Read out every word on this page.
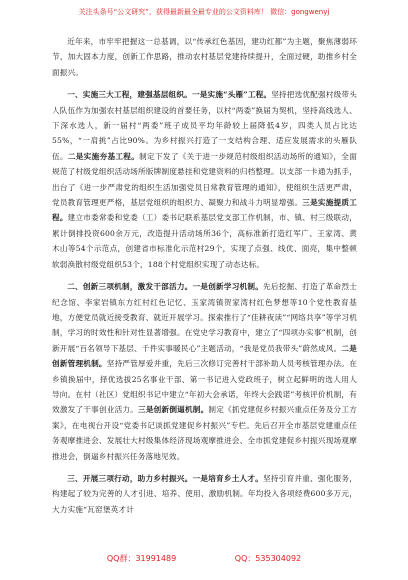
关注头条号“公文研究”，获得最新最全最专业的公文资料库！ 微信：gongwenyj

近年来，市牢牢把握这一总基调，以“传承红色基因，建功红都”为主题，聚焦薄弱环节，加大固本力度，创新工作思路，推动农村基层党建持续提升，全面过硬，助推乡村全面振兴。

一、实施三大工程，建强基层组织。一是实施“头雁”工程。坚持把选优配强村级带头人队伍作为加强农村基层组织建设的首要任务，以村“两委”换届为契机，坚持高线选人、下深水选人，新一届村“两委”班子成员平均年龄较上届降低4岁，四类人员占比达55%，“一肩挑”占比90%。为乡村振兴打造了一支结构合理、适应发展需求的头雁队伍。二是实施夯基工程。制定下发了《关于进一步规范村级组织活动场所的通知》，全面规范了村级党组织活动场所版牌制度悬挂和党建资料的归档整理。以支部一卡通为抓手，出台了《进一步严肃党的组织生活加强党员日常教育管理的通知》，使组织生活更严肃，党员教育管理更严格，基层党组织的组织力、凝聚力和战斗力明显增强。三是实施提质工程。建立市委常委和党委（工）委书记联系基层党支部工作机制，市、镇、村三级联动，累计倒排投资600余万元，改造提升活动场所36个，高标准新打造红军广、王家湾、黄木山等54个示范点，创建省市标准化示范村29个，实现了点强、线优、面亮，集中整顿软弱涣散村级党组织53个，188个村党组织实现了动态达标。

二、创新三项机制，激发干部活力。一是创新学习机制。先后挖掘、打造了革命烈士纪念馆、李家岩镇东方红村红色记忆、玉家湾镇贺家湾村红色梦想等10个党性教育基地，方便党员就近接受教育、就近开展学习。探索推行了“佳耕夜读”“网络共享”等学习机制，学习的时效性和针对性显著增强。在党史学习教育中，建立了“四项办实事”机制，创新开展“百名领导下基层、千件实事暖民心”主题活动，“我是党员我带头”蔚然成风。二是创新管理机制。坚持严管厚爱并重，先后三次修订完善村干部补助人员考核管理办法。在乡镇换届中，择优选拔25名事业干部、第一书记进入党政班子，树立起鲜明的选人用人导向。在村（社区）党组织书记中建立“年初大会承诺，年终大会践诺”考核评价机制，有效激发了干事创业活力。三是创新倒逼机制。制定《抓党建促乡村振兴重点任务及分工方案》，在电视台开设“党委书记谈抓党建促乡村振兴”专栏。先后召开全市基层党建重点任务观摩推进会、发展壮大村级集体经济现场观摩推进会、全市抓党建促乡村振兴现场观摩推进会，倒逼乡村振兴任务落地见效。

三、开展三项行动，助力乡村振兴。一是培育乡土人才。坚持引育并重、强化服务，构建起了较为完善的人才引进、培养、使用、激励机制。年均投入各项经费600多万元，大力实施“瓦窑堡英才计

QQ群：31991489	QQ：535304092
